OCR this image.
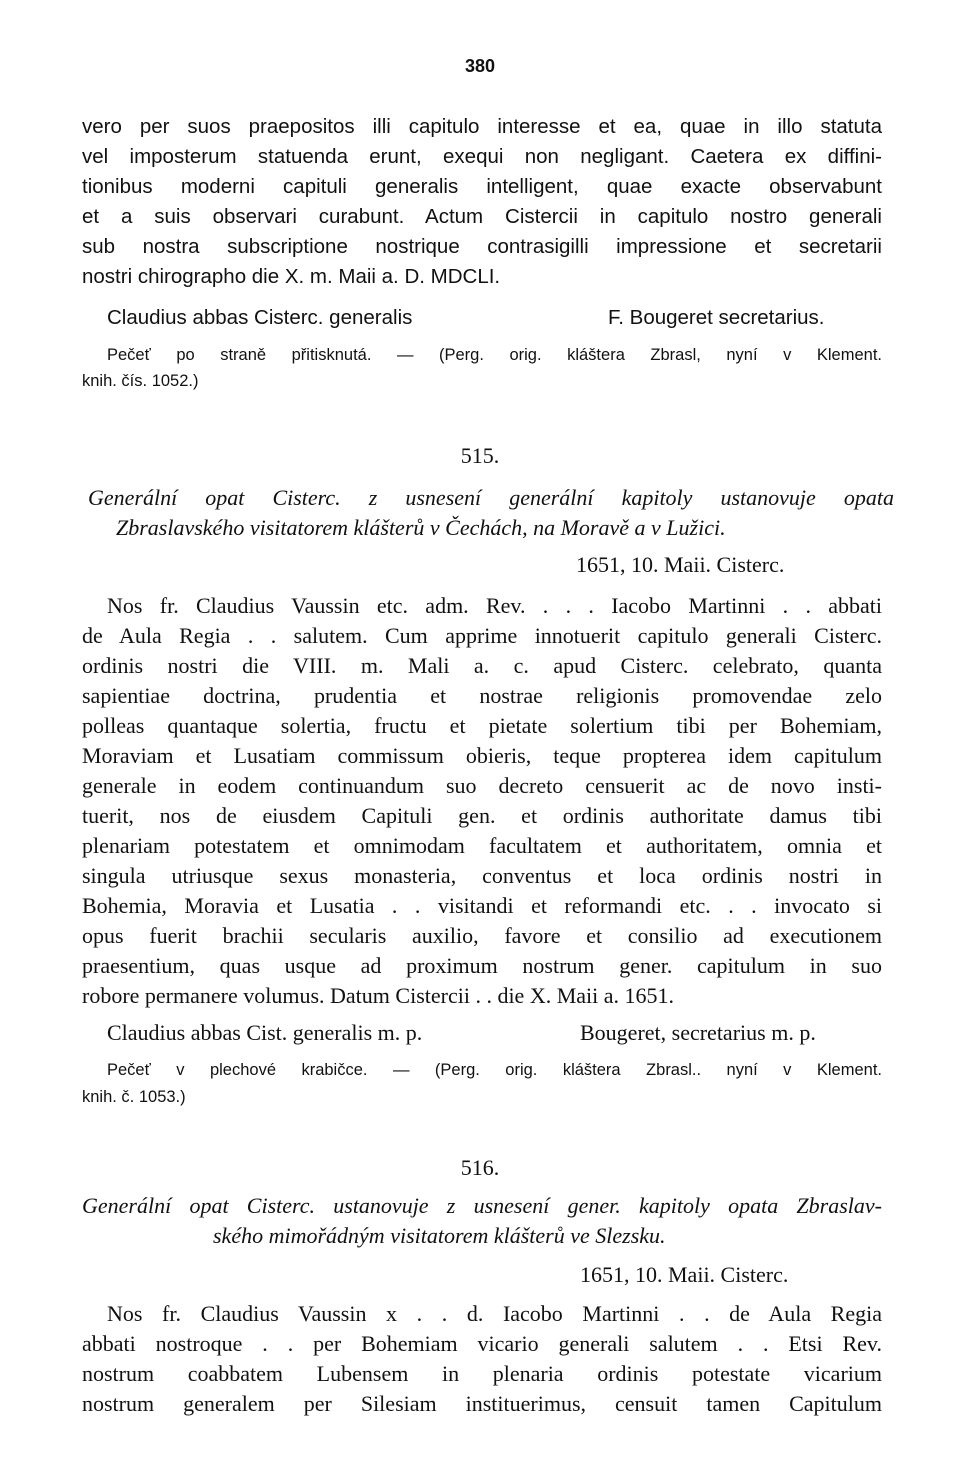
380
vero per suos praepositos illi capitulo interesse et ea, quae in illo statuta
vel imposterum statuenda erunt, exequi non negligant. Caetera ex diffini-
tionibus moderni capituli generalis intelligent, quae exacte observabunt
et a suis observari curabunt. Actum Cistercii in capitulo nostro generali
sub nostra subscriptione nostrique contrasigilli impressione et secretarii
nostri chirographo die X. m. Maii a. D. MDCLI.
Claudius abbas Cisterc. generalis	F. Bougeret secretarius.
Pečeť po straně přitisknutá. — (Perg. orig. kláštera Zbrasl, nyní v Klement.
knih. čís. 1052.)
515.
Generální opat Cisterc. z usnesení generální kapitoly ustanovuje opata
Zbraslavského visitatorem klášterů v Čechách, na Moravě a v Lužici.
1651, 10. Maii. Cisterc.
Nos fr. Claudius Vaussin etc. adm. Rev. . . . Iacobo Martinni . . abbati
de Aula Regia . . salutem. Cum apprime innotuerit capitulo generali Cisterc.
ordinis nostri die VIII. m. Mali a. c. apud Cisterc. celebrato, quanta
sapientiae doctrina, prudentia et nostrae religionis promovendae zelo
polleas quantaque solertia, fructu et pietate solertium tibi per Bohemiam,
Moraviam et Lusatiam commissum obieris, teque propterea idem capitulum
generale in eodem continuandum suo decreto censuerit ac de novo insti-
tuerit, nos de eiusdem Capituli gen. et ordinis authoritate damus tibi
plenariam potestatem et omnimodam facultatem et authoritatem, omnia et
singula utriusque sexus monasteria, conventus et loca ordinis nostri in
Bohemia, Moravia et Lusatia . . visitandi et reformandi etc. . . invocato si
opus fuerit brachii secularis auxilio, favore et consilio ad executionem
praesentium, quas usque ad proximum nostrum gener. capitulum in suo
robore permanere volumus. Datum Cistercii . . die X. Maii a. 1651.
Claudius abbas Cist. generalis m. p.	Bougeret, secretarius m. p.
Pečeť v plechové krabičce. — (Perg. orig. kláštera Zbrasl.. nyní v Klement.
knih. č. 1053.)
516.
Generální opat Cisterc. ustanovuje z usnesení gener. kapitoly opata Zbraslav-
ského mimořádným visitatorem klášterů ve Slezsku.
1651, 10. Maii. Cisterc.
Nos fr. Claudius Vaussin x . . d. Iacobo Martinni . . de Aula Regia
abbati nostroque . . per Bohemiam vicario generali salutem . . Etsi Rev.
nostrum coabbatem Lubensem in plenaria ordinis potestate vicarium
nostrum generalem per Silesiam instituerimus, censuit tamen Capitulum
